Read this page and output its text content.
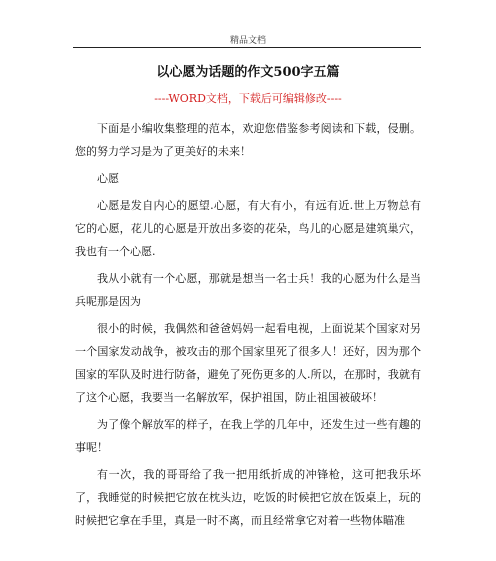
精品文档
以心愿为话题的作文500字五篇
----WORD文档，下载后可编辑修改----

下面是小编收集整理的范本，欢迎您借鉴参考阅读和下载，侵删。您的努力学习是为了更美好的未来！

心愿

心愿是发自内心的愿望.心愿，有大有小，有远有近.世上万物总有它的心愿，花儿的心愿是开放出多姿的花朵，鸟儿的心愿是建筑巢穴，我也有一个心愿.

我从小就有一个心愿，那就是想当一名士兵！我的心愿为什么是当兵呢那是因为

很小的时候，我偶然和爸爸妈妈一起看电视，上面说某个国家对另一个国家发动战争，被攻击的那个国家里死了很多人！还好，因为那个国家的军队及时进行防备，避免了死伤更多的人.所以，在那时，我就有了这个心愿，我要当一名解放军，保护祖国，防止祖国被破坏！

为了像个解放军的样子，在我上学的几年中，还发生过一些有趣的事呢！

有一次，我的哥哥给了我一把用纸折成的冲锋枪，这可把我乐坏了，我睡觉的时候把它放在枕头边，吃饭的时候把它放在饭桌上，玩的时候把它拿在手里，真是一时不离，而且经常拿它对着一些物体瞄准
